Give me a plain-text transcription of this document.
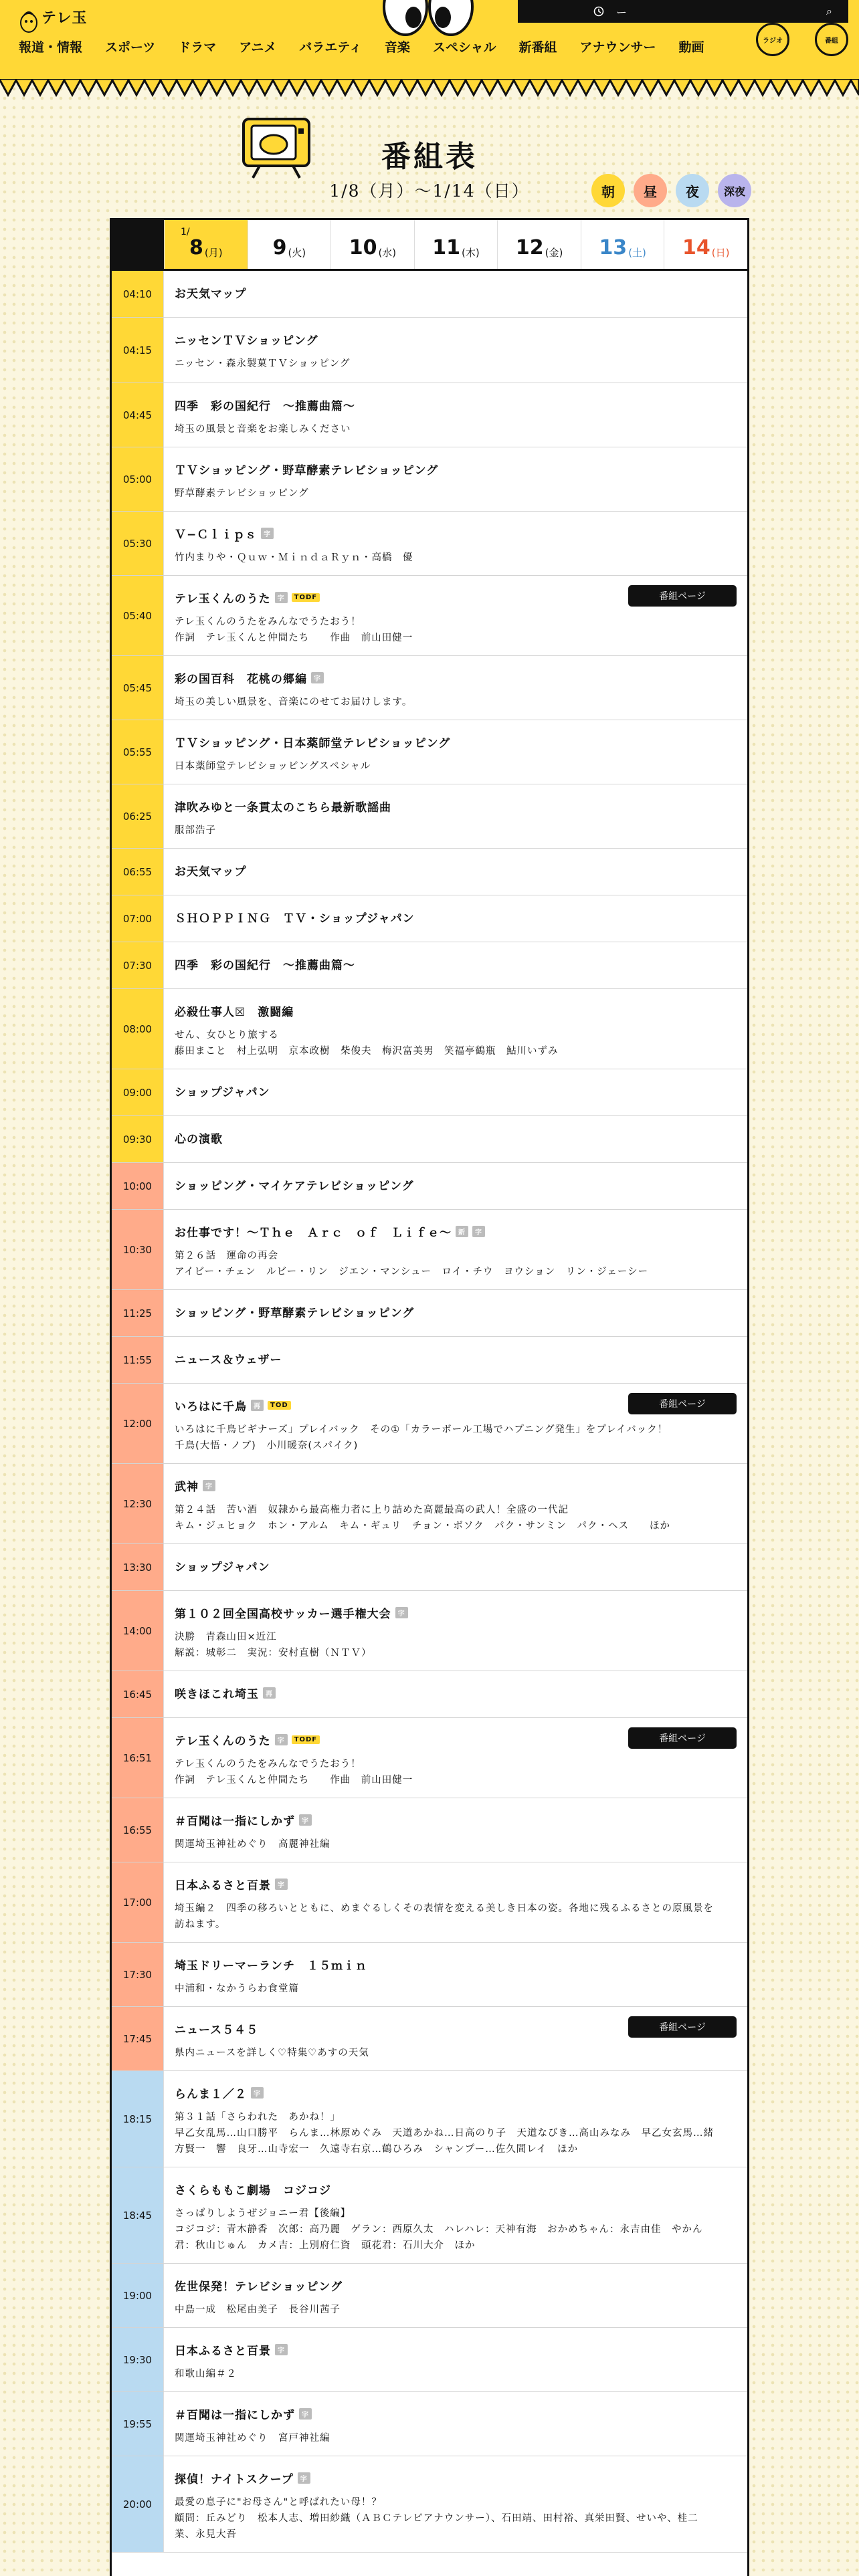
テレ玉
報道・情報 スポーツ ドラマ アニメ バラエティ 音楽 スペシャル 新番組 アナウンサー 動画
ー	⌕
ラジオ	番組
番組表
1/8（月）〜1/14（日）	朝	昼	夜	深夜
1/
8 (月) 9 (火) 10 (水) 11 (木) 12 (金) 13 (土) 14 (日)
04:10	お天気マップ
04:15
ニッセンＴＶショッピング
ニッセン・森永製菓ＴＶショッピング
04:45
四季　彩の国紀行　〜推薦曲篇〜
埼玉の風景と音楽をお楽しみください
05:00
ＴＶショッピング・野草酵素テレビショッピング
野草酵素テレビショッピング
05:30
Ｖ−Ｃｌｉｐｓ	字
竹内まりや・Ｑｕｗ・ＭｉｎｄａＲｙｎ・高橋　優
05:40
テレ玉くんのうた	字	TODF
テレ玉くんのうたをみんなでうたおう！
作詞　テレ玉くんと仲間たち　　作曲　前山田健一
番組ページ
05:45
彩の国百科　花桃の郷編	字
埼玉の美しい風景を、音楽にのせてお届けします。
05:55
ＴＶショッピング・日本薬師堂テレビショッピング
日本薬師堂テレビショッピングスペシャル
06:25
津吹みゆと一条貫太のこちら最新歌謡曲
服部浩子
06:55	お天気マップ
07:00	ＳＨＯＰＰＩＮＧ　ＴＶ・ショップジャパン
07:30	四季　彩の国紀行　〜推薦曲篇〜
08:00
必殺仕事人☒　激闘編
せん、女ひとり旅する
藤田まこと　村上弘明　京本政樹　柴俊夫　梅沢富美男　笑福亭鶴瓶　鮎川いずみ
09:00	ショップジャパン
09:30	心の演歌
10:00	ショッピング・マイケアテレビショッピング
10:30
お仕事です！〜Ｔｈｅ　Ａｒｃ　ｏｆ　Ｌｉｆｅ〜	新	字
第２６話　運命の再会
アイビー・チェン　ルビー・リン　ジエン・マンシュー　ロイ・チウ　ヨウション　リン・ジェーシー
11:25	ショッピング・野草酵素テレビショッピング
11:55	ニュース＆ウェザー
12:00
いろはに千鳥	再	TOD
いろはに千鳥ビギナーズ」プレイバック　その①「カラーボール工場でハプニング発生」をプレイバック！
千鳥(大悟・ノブ)　小川暖奈(スパイク)
番組ページ
12:30
武神	字
第２４話　苦い酒　奴隷から最高権力者に上り詰めた高麗最高の武人！全盛の一代記
キム・ジュヒョク　ホン・アルム　キム・ギュリ　チョン・ボソク　パク・サンミン　パク・ヘス　　ほか
13:30	ショップジャパン
14:00
第１０２回全国高校サッカー選手権大会	字
決勝　青森山田×近江
解説：城彰二　実況：安村直樹（ＮＴＶ）
16:45	咲きほこれ埼玉	再
16:51
テレ玉くんのうた	字	TODF
テレ玉くんのうたをみんなでうたおう！
作詞　テレ玉くんと仲間たち　　作曲　前山田健一
番組ページ
16:55
＃百聞は一指にしかず	字
関運埼玉神社めぐり　高麗神社編
17:00
日本ふるさと百景	字
埼玉編２　四季の移ろいとともに、めまぐるしくその表情を変える美しき日本の姿。各地に残るふるさとの原風景を
訪ねます。
17:30
埼玉ドリーマーランチ　１５ｍｉｎ
中浦和・なかうらわ食堂篇
17:45
ニュース５４５
県内ニュースを詳しく♡特集♡あすの天気
番組ページ
18:15
らんま１／２	字
第３１話「さらわれた　あかね！」
早乙女乱馬…山口勝平　らんま…林原めぐみ　天道あかね…日高のり子　天道なびき…高山みなみ　早乙女玄馬…緒
方賢一　響　良牙…山寺宏一　久遠寺右京…鶴ひろみ　シャンプー…佐久間レイ　ほか
18:45
さくらももこ劇場　コジコジ
さっぱりしようぜジョニー君【後編】
コジコジ：青木静香　次郎：高乃麗　ゲラン：西原久太　ハレハレ：天神有海　おかめちゃん：永吉由佳　やかん
君：秋山じゅん　カメ吉：上別府仁資　頭花君：石川大介　ほか
19:00
佐世保発！テレビショッピング
中島一成　松尾由美子　長谷川茜子
19:30
日本ふるさと百景	字
和歌山編＃２
19:55
＃百聞は一指にしかず	字
関運埼玉神社めぐり　宮戸神社編
20:00
探偵！ナイトスクープ	字
最愛の息子に"お母さん"と呼ばれたい母！？
顧問：丘みどり　松本人志、増田紗織（ＡＢＣテレビアナウンサー）、石田靖、田村裕、真栄田賢、せいや、桂二
業、永見大吾
